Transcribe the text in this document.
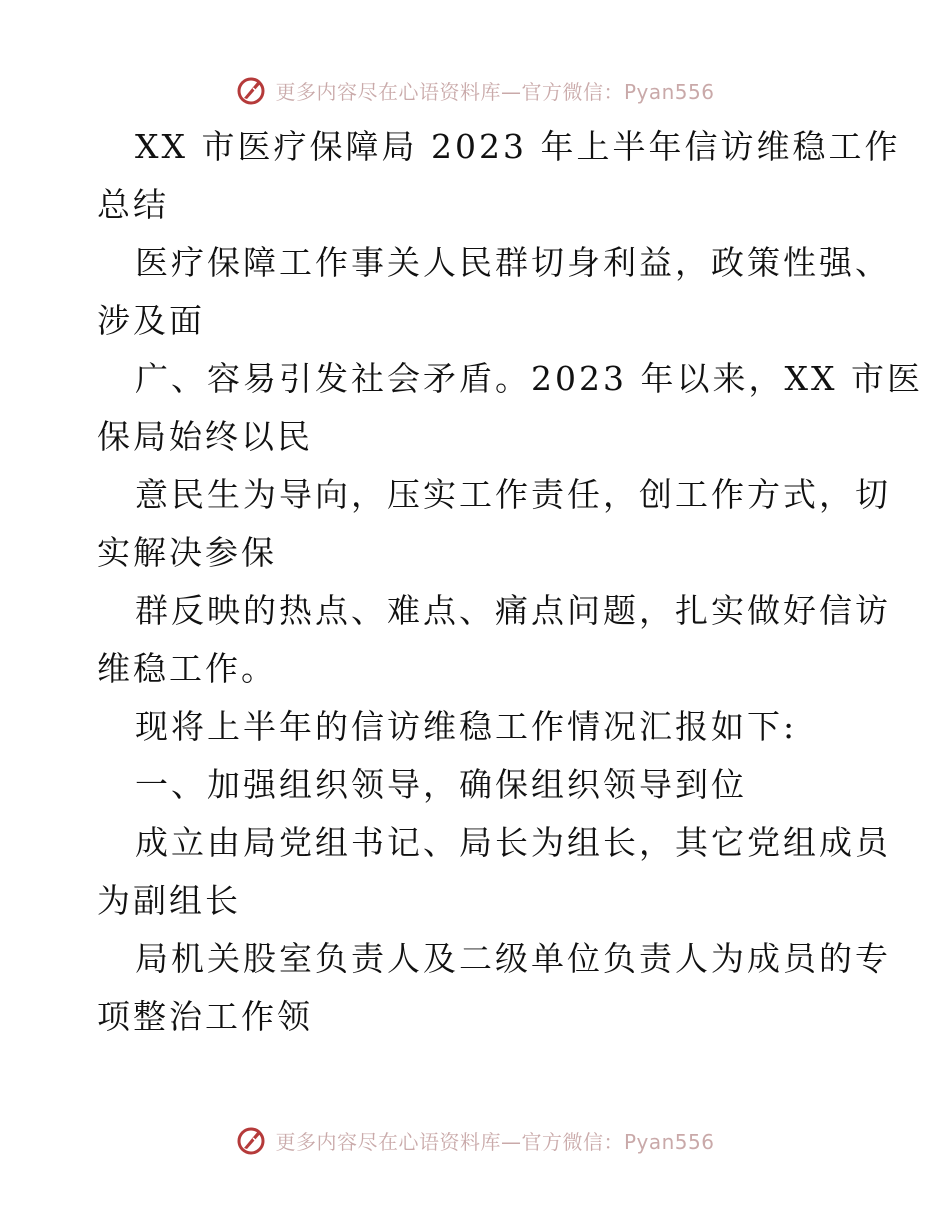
更多内容尽在心语资料库—官方微信：Pyan556
XX 市医疗保障局 2023 年上半年信访维稳工作
总结
医疗保障工作事关人民群切身利益，政策性强、
涉及面
广、容易引发社会矛盾。2023 年以来，XX 市医
保局始终以民
意民生为导向，压实工作责任，创工作方式，切
实解决参保
群反映的热点、难点、痛点问题，扎实做好信访
维稳工作。
现将上半年的信访维稳工作情况汇报如下:
一、加强组织领导，确保组织领导到位
成立由局党组书记、局长为组长，其它党组成员
为副组长
局机关股室负责人及二级单位负责人为成员的专
项整治工作领
更多内容尽在心语资料库—官方微信：Pyan556
